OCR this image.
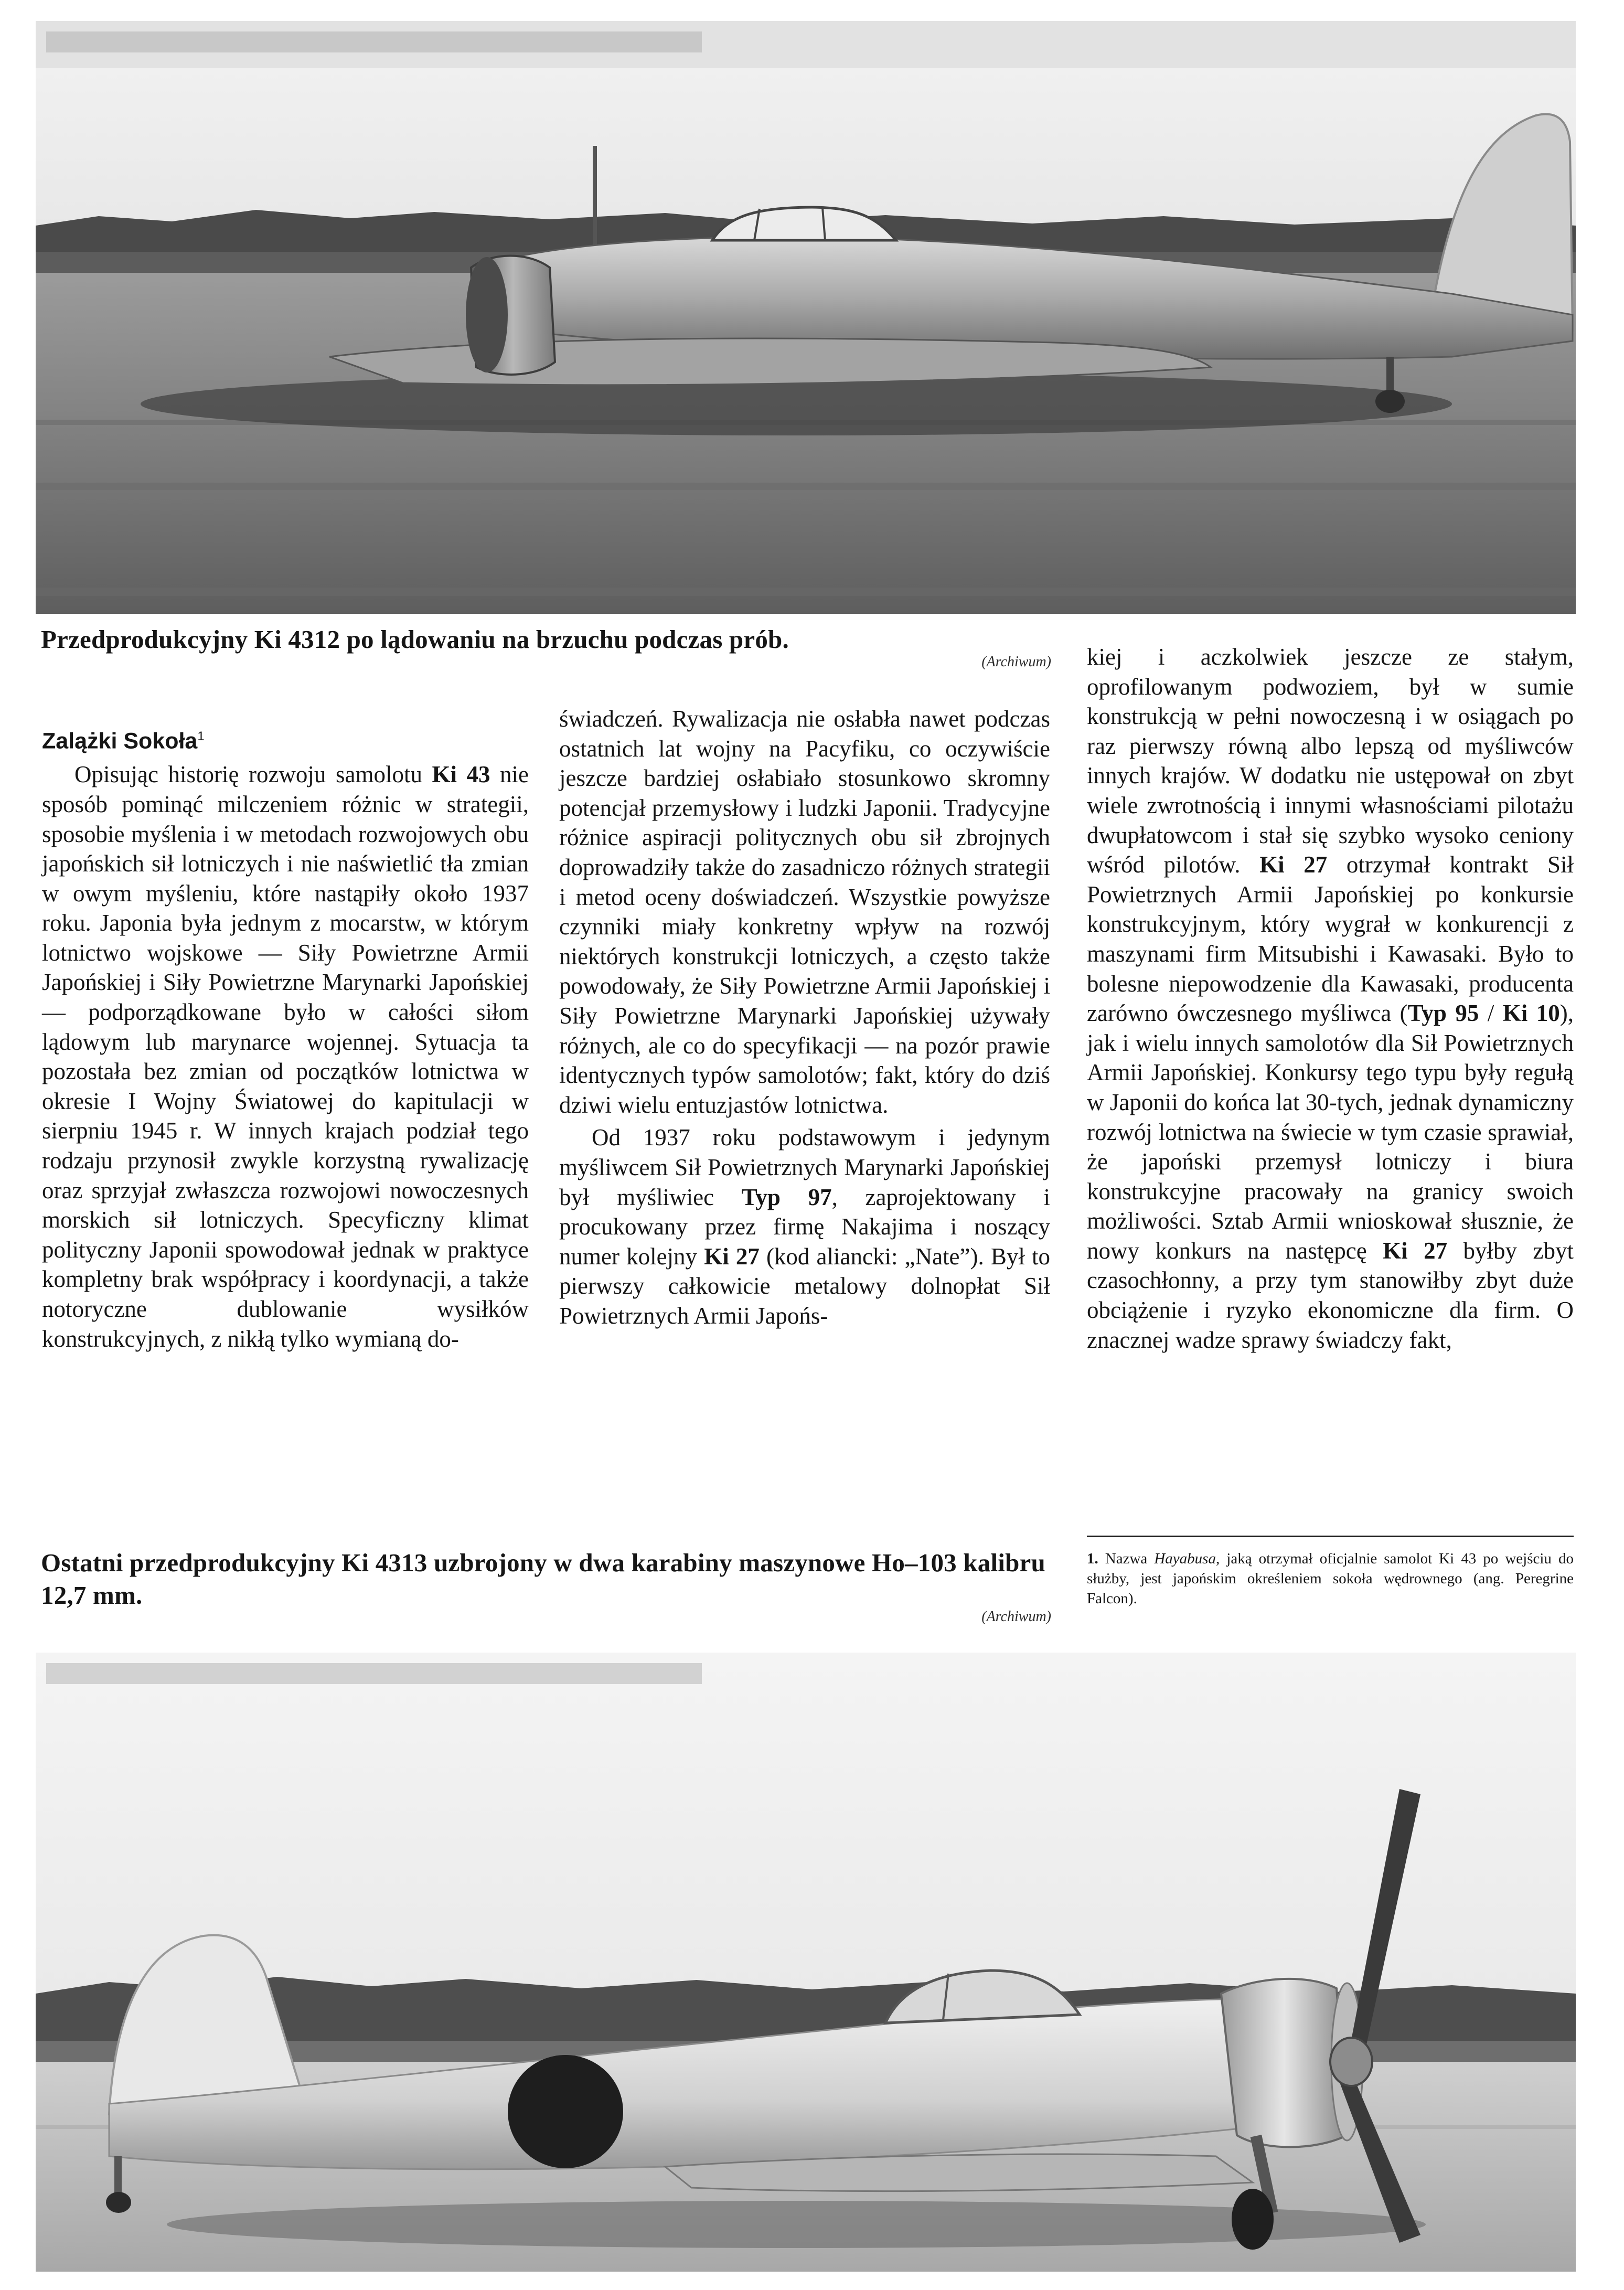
Przedprodukcyjny Ki 4312 po lądowaniu na brzuchu podczas prób.
(Archiwum)
Zalążki Sokoła$^1$

Opisując historię rozwoju samolotu Ki 43 nie sposób pominąć milczeniem różnic w strategii, sposobie myślenia i w metodach rozwojowych obu japońskich sił lotniczych i nie naświetlić tła zmian w owym myśleniu, które nastąpiły około 1937 roku. Japonia była jednym z mocarstw, w którym lotnictwo wojskowe — Siły Powietrzne Armii Japońskiej i Siły Powietrzne Marynarki Japońskiej — podporządkowane było w całości siłom lądowym lub marynarce wojennej. Sytuacja ta pozostała bez zmian od początków lotnictwa w okresie I Wojny Światowej do kapitulacji w sierpniu 1945 r. W innych krajach podział tego rodzaju przynosił zwykle korzystną rywalizację oraz sprzyjał zwłaszcza rozwojowi nowoczesnych morskich sił lotniczych. Specyficzny klimat polityczny Japonii spowodował jednak w praktyce kompletny brak współpracy i koordynacji, a także notoryczne dublowanie wysiłków konstrukcyjnych, z nikłą tylko wymianą do-

świadczeń. Rywalizacja nie osłabła nawet podczas ostatnich lat wojny na Pacyfiku, co oczywiście jeszcze bardziej osłabiało stosunkowo skromny potencjał przemysłowy i ludzki Japonii. Tradycyjne różnice aspiracji politycznych obu sił zbrojnych doprowadziły także do zasadniczo różnych strategii i metod oceny doświadczeń. Wszystkie powyższe czynniki miały konkretny wpływ na rozwój niektórych konstrukcji lotniczych, a często także powodowały, że Siły Powietrzne Armii Japońskiej i Siły Powietrzne Marynarki Japońskiej używały różnych, ale co do specyfikacji — na pozór prawie identycznych typów samolotów; fakt, który do dziś dziwi wielu entuzjastów lotnictwa.

Od 1937 roku podstawowym i jedynym myśliwcem Sił Powietrznych Marynarki Japońskiej był myśliwiec Typ 97, zaprojektowany i procukowany przez firmę Nakajima i noszący numer kolejny Ki 27 (kod aliancki: „Nate”). Był to pierwszy całkowicie metalowy dolnopłat Sił Powietrznych Armii Japońs-

kiej i aczkolwiek jeszcze ze stałym, oprofilowanym podwoziem, był w sumie konstrukcją w pełni nowoczesną i w osiągach po raz pierwszy równą albo lepszą od myśliwców innych krajów. W dodatku nie ustępował on zbyt wiele zwrotnością i innymi własnościami pilotażu dwupłatowcom i stał się szybko wysoko ceniony wśród pilotów. Ki 27 otrzymał kontrakt Sił Powietrznych Armii Japońskiej po konkursie konstrukcyjnym, który wygrał w konkurencji z maszynami firm Mitsubishi i Kawasaki. Było to bolesne niepowodzenie dla Kawasaki, producenta zarówno ówczesnego myśliwca (Typ 95 / Ki 10), jak i wielu innych samolotów dla Sił Powietrznych Armii Japońskiej. Konkursy tego typu były regułą w Japonii do końca lat 30-tych, jednak dynamiczny rozwój lotnictwa na świecie w tym czasie sprawiał, że japoński przemysł lotniczy i biura konstrukcyjne pracowały na granicy swoich możliwości. Sztab Armii wnioskował słusznie, że nowy konkurs na następcę Ki 27 byłby zbyt czasochłonny, a przy tym stanowiłby zbyt duże obciążenie i ryzyko ekonomiczne dla firm. O znacznej wadze sprawy świadczy fakt,

Ostatni przedprodukcyjny Ki 4313 uzbrojony w dwa karabiny maszynowe Ho–103 kalibru 12,7 mm.
(Archiwum)
1. Nazwa Hayabusa, jaką otrzymał oficjalnie samolot Ki 43 po wejściu do służby, jest japońskim określeniem sokoła wędrownego (ang. Peregrine Falcon).
